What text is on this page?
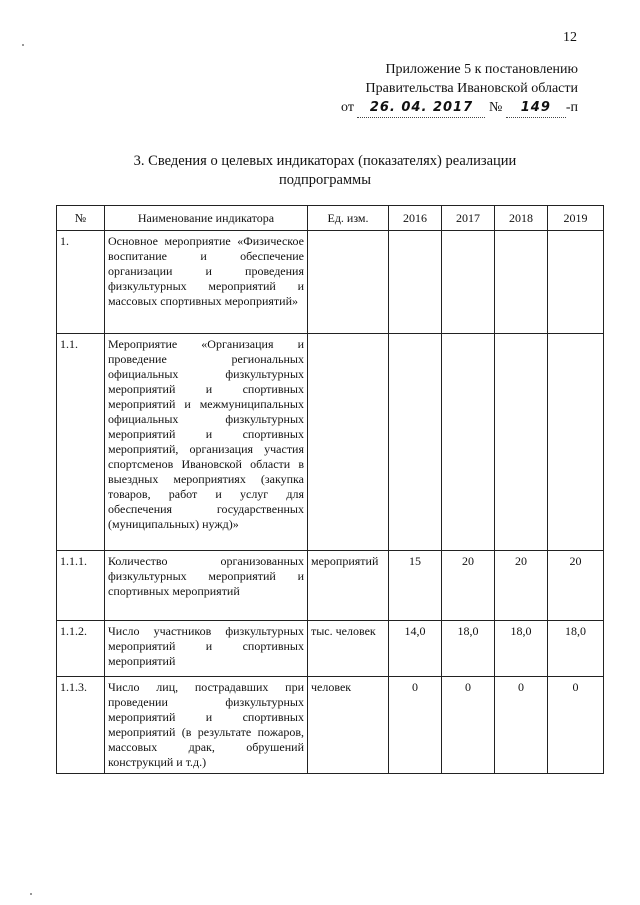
12
Приложение 5 к постановлению
Правительства Ивановской области
от 26. 04. 2017 № 149 -п
3. Сведения о целевых индикаторах (показателях) реализации
подпрограммы
№	Наименование индикатора	Ед. изм.	2016	2017	2018	2019
1.	Основное мероприятие «Физическое воспитание и обеспечение организации и проведения физкультурных мероприятий и массовых спортивных мероприятий»					
1.1.	Мероприятие «Организация и проведение региональных официальных физкультурных мероприятий и спортивных мероприятий и межмуниципальных официальных физкультурных мероприятий и спортивных мероприятий, организация участия спортсменов Ивановской области в выездных мероприятиях (закупка товаров, работ и услуг для обеспечения государственных (муниципальных) нужд)»					
1.1.1.	Количество организованных физкультурных мероприятий и спортивных мероприятий	мероприятий	15	20	20	20
1.1.2.	Число участников физкультурных мероприятий и спортивных мероприятий	тыс. человек	14,0	18,0	18,0	18,0
1.1.3.	Число лиц, пострадавших при проведении физкультурных мероприятий и спортивных мероприятий (в результате пожаров, массовых драк, обрушений конструкций и т.д.)	человек	0	0	0	0
